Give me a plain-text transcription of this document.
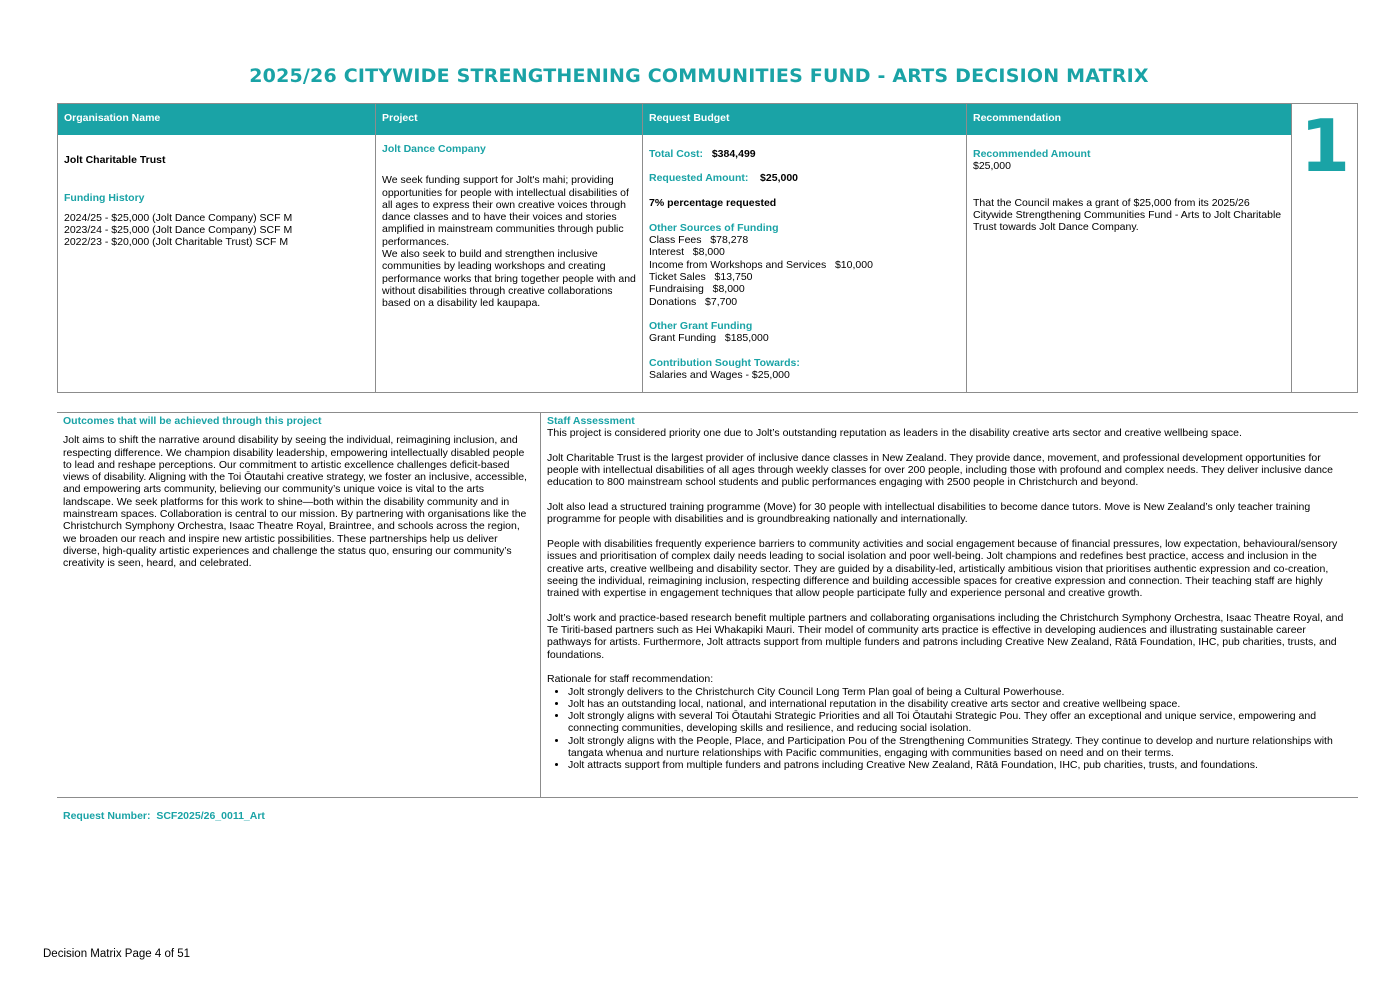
2025/26 CITYWIDE STRENGTHENING COMMUNITIES FUND - ARTS DECISION MATRIX
Organisation Name

Jolt Charitable Trust

Funding History

2024/25 - $25,000 (Jolt Dance Company) SCF M

2023/24 - $25,000 (Jolt Dance Company) SCF M

2022/23 - $20,000 (Jolt Charitable Trust) SCF M

Project

Jolt Dance Company

We seek funding support for Jolt's mahi; providing opportunities for people with intellectual disabilities of all ages to express their own creative voices through dance classes and to have their voices and stories amplified in mainstream communities through public performances.

We also seek to build and strengthen inclusive communities by leading workshops and creating performance works that bring together people with and without disabilities through creative collaborations based on a disability led kaupapa.

Request Budget

Total Cost: $384,499

Requested Amount: $25,000

7% percentage requested

Other Sources of Funding

Class Fees   $78,278

Interest   $8,000

Income from Workshops and Services   $10,000

Ticket Sales   $13,750

Fundraising   $8,000

Donations   $7,700

Other Grant Funding

Grant Funding   $185,000

Contribution Sought Towards:

Salaries and Wages - $25,000

Recommendation

Recommended Amount

$25,000

That the Council makes a grant of $25,000 from its 2025/26 Citywide Strengthening Communities Fund - Arts to Jolt Charitable Trust towards Jolt Dance Company.

1

Outcomes that will be achieved through this project

Jolt aims to shift the narrative around disability by seeing the individual, reimagining inclusion, and respecting difference. We champion disability leadership, empowering intellectually disabled people to lead and reshape perceptions. Our commitment to artistic excellence challenges deficit-based views of disability. Aligning with the Toi Ōtautahi creative strategy, we foster an inclusive, accessible, and empowering arts community, believing our community’s unique voice is vital to the arts landscape. We seek platforms for this work to shine—both within the disability community and in mainstream spaces. Collaboration is central to our mission. By partnering with organisations like the Christchurch Symphony Orchestra, Isaac Theatre Royal, Braintree, and schools across the region, we broaden our reach and inspire new artistic possibilities. These partnerships help us deliver diverse, high-quality artistic experiences and challenge the status quo, ensuring our community’s creativity is seen, heard, and celebrated.

Staff Assessment

This project is considered priority one due to Jolt’s outstanding reputation as leaders in the disability creative arts sector and creative wellbeing space.

Jolt Charitable Trust is the largest provider of inclusive dance classes in New Zealand. They provide dance, movement, and professional development opportunities for people with intellectual disabilities of all ages through weekly classes for over 200 people, including those with profound and complex needs. They deliver inclusive dance education to 800 mainstream school students and public performances engaging with 2500 people in Christchurch and beyond.

Jolt also lead a structured training programme (Move) for 30 people with intellectual disabilities to become dance tutors. Move is New Zealand’s only teacher training programme for people with disabilities and is groundbreaking nationally and internationally.

People with disabilities frequently experience barriers to community activities and social engagement because of financial pressures, low expectation, behavioural/sensory issues and prioritisation of complex daily needs leading to social isolation and poor well-being. Jolt champions and redefines best practice, access and inclusion in the creative arts, creative wellbeing and disability sector. They are guided by a disability-led, artistically ambitious vision that prioritises authentic expression and co-creation, seeing the individual, reimagining inclusion, respecting difference and building accessible spaces for creative expression and connection. Their teaching staff are highly trained with expertise in engagement techniques that allow people participate fully and experience personal and creative growth.

Jolt’s work and practice-based research benefit multiple partners and collaborating organisations including the Christchurch Symphony Orchestra, Isaac Theatre Royal, and Te Tiriti-based partners such as Hei Whakapiki Mauri. Their model of community arts practice is effective in developing audiences and illustrating sustainable career pathways for artists. Furthermore, Jolt attracts support from multiple funders and patrons including Creative New Zealand, Rātā Foundation, IHC, pub charities, trusts, and foundations.

Rationale for staff recommendation:

• Jolt strongly delivers to the Christchurch City Council Long Term Plan goal of being a Cultural Powerhouse.
• Jolt has an outstanding local, national, and international reputation in the disability creative arts sector and creative wellbeing space.
• Jolt strongly aligns with several Toi Ōtautahi Strategic Priorities and all Toi Ōtautahi Strategic Pou. They offer an exceptional and unique service, empowering and connecting communities, developing skills and resilience, and reducing social isolation.
• Jolt strongly aligns with the People, Place, and Participation Pou of the Strengthening Communities Strategy. They continue to develop and nurture relationships with tangata whenua and nurture relationships with Pacific communities, engaging with communities based on need and on their terms.
• Jolt attracts support from multiple funders and patrons including Creative New Zealand, Rātā Foundation, IHC, pub charities, trusts, and foundations.
Request Number:  SCF2025/26_0011_Art
Decision Matrix Page 4 of 51
